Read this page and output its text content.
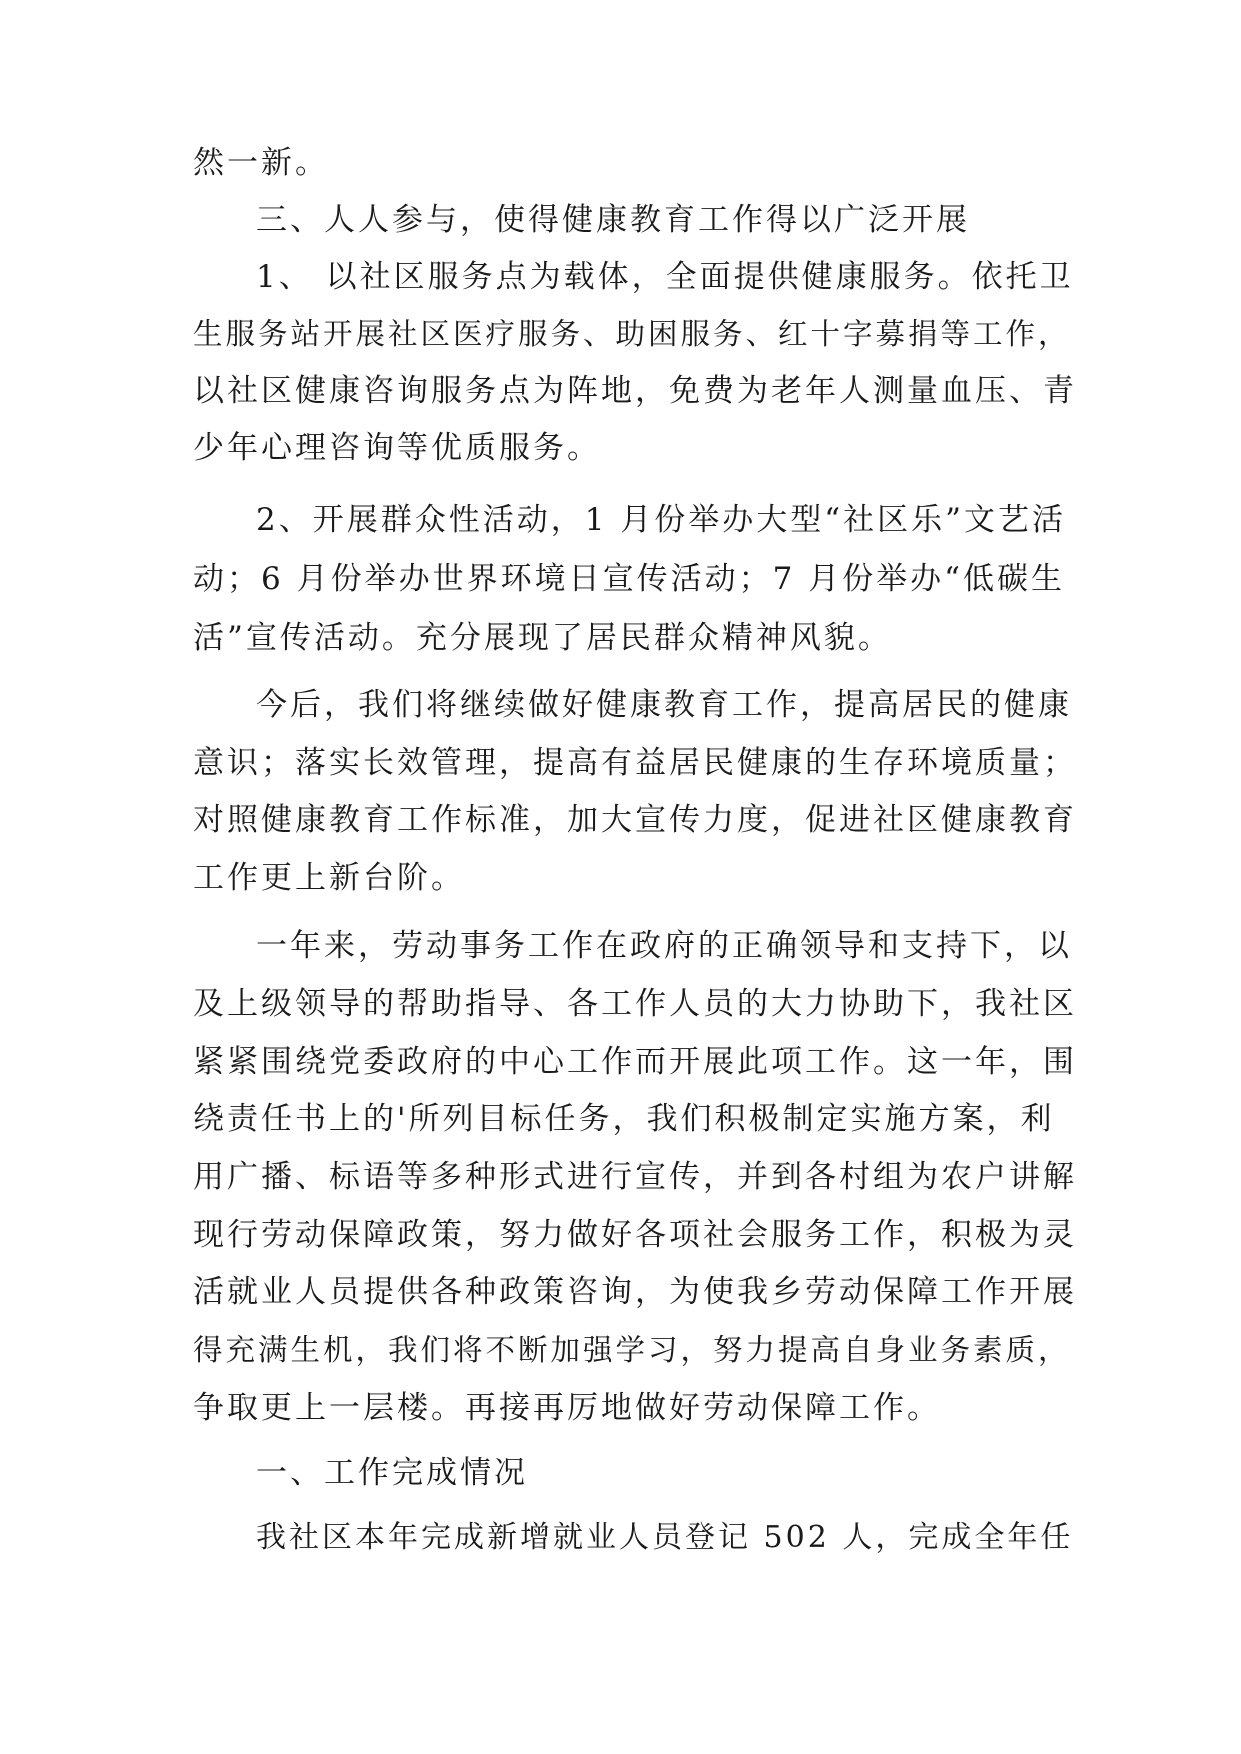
然一新。

三、人人参与，使得健康教育工作得以广泛开展

1、 以社区服务点为载体，全面提供健康服务。依托卫

生服务站开展社区医疗服务、助困服务、红十字募捐等工作，

以社区健康咨询服务点为阵地，免费为老年人测量血压、青

少年心理咨询等优质服务。

2、开展群众性活动，1 月份举办大型“社区乐”文艺活

动；6 月份举办世界环境日宣传活动；7 月份举办“低碳生

活”宣传活动。充分展现了居民群众精神风貌。

今后，我们将继续做好健康教育工作，提高居民的健康

意识；落实长效管理，提高有益居民健康的生存环境质量；

对照健康教育工作标准，加大宣传力度，促进社区健康教育

工作更上新台阶。

一年来，劳动事务工作在政府的正确领导和支持下，以

及上级领导的帮助指导、各工作人员的大力协助下，我社区

紧紧围绕党委政府的中心工作而开展此项工作。这一年，围

绕责任书上的'所列目标任务，我们积极制定实施方案，利

用广播、标语等多种形式进行宣传，并到各村组为农户讲解

现行劳动保障政策，努力做好各项社会服务工作，积极为灵

活就业人员提供各种政策咨询，为使我乡劳动保障工作开展

得充满生机，我们将不断加强学习，努力提高自身业务素质，

争取更上一层楼。再接再厉地做好劳动保障工作。

一、工作完成情况

我社区本年完成新增就业人员登记 502 人，完成全年任
